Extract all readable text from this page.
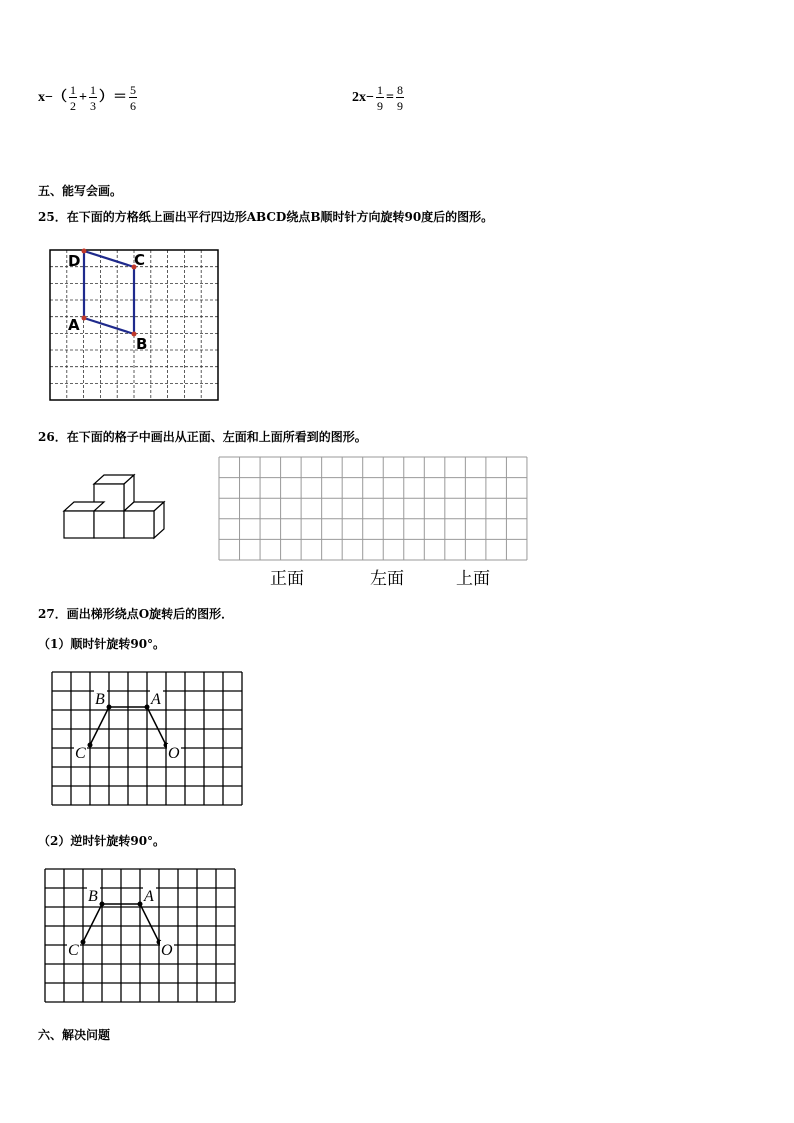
$x-( \frac{1}{2} + \frac{1}{3}$ ）＝ $\frac{5}{6}$	$2x- \frac{1}{9} = \frac{8}{9}$
五、能写会画。
25．在下面的方格纸上画出平行四边形ABCD绕点B顺时针方向旋转90度后的图形。
D	C
A
B
26．在下面的格子中画出从正面、左面和上面所看到的图形。
正面	左面	上面
27．画出梯形绕点O旋转后的图形．
（1）顺时针旋转90°。
B	A
C	O
（2）逆时针旋转90°。
B	A
C	O
六、解决问题
